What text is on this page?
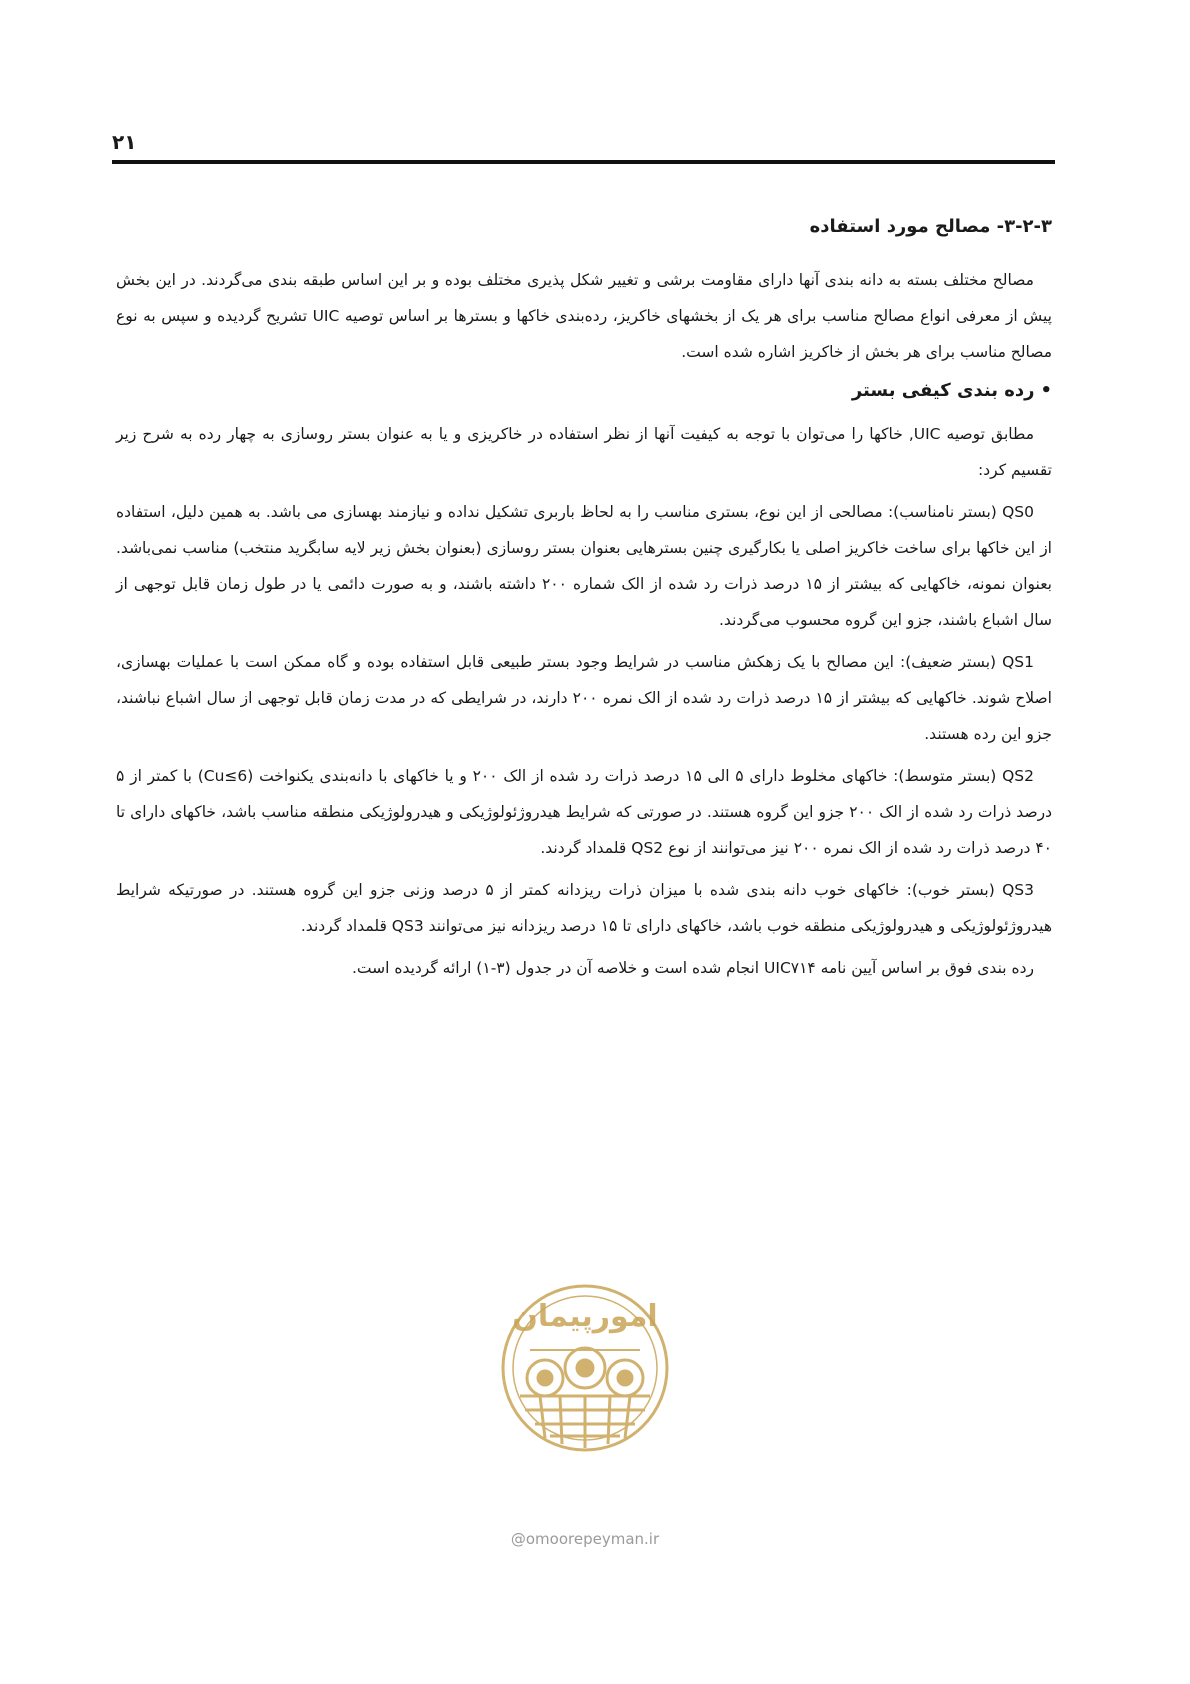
۲۱
۳-۲-۳- مصالح مورد استفاده

مصالح مختلف بسته به دانه بندی آنها دارای مقاومت برشی و تغییر شکل پذیری مختلف بوده و بر این اساس طبقه بندی می‌گردند. در این بخش پیش از معرفی انواع مصالح مناسب برای هر یک از بخشهای خاکریز، رده‌بندی خاکها و بسترها بر اساس توصیه UIC تشریح گردیده و سپس به نوع مصالح مناسب برای هر بخش از خاکریز اشاره شده است.

•رده بندی کیفی بستر

مطابق توصیه UIC, خاکها را می‌توان با توجه به کیفیت آنها از نظر استفاده در خاکریزی و یا به عنوان بستر روسازی به چهار رده به شرح زیر تقسیم کرد:

QS0 (بستر نامناسب): مصالحی از این نوع، بستری مناسب را به لحاظ باربری تشکیل نداده و نیازمند بهسازی می باشد. به همین دلیل، استفاده از این خاکها برای ساخت خاکریز اصلی یا بکارگیری چنین بسترهایی بعنوان بستر روسازی (بعنوان بخش زیر لایه سابگرید منتخب) مناسب نمی‌باشد. بعنوان نمونه، خاکهایی که بیشتر از ۱۵ درصد ذرات رد شده از الک شماره ۲۰۰ داشته باشند، و به صورت دائمی یا در طول زمان قابل توجهی از سال اشباع باشند، جزو این گروه محسوب می‌گردند.

QS1 (بستر ضعیف): این مصالح با یک زهکش مناسب در شرایط وجود بستر طبیعی قابل استفاده بوده و گاه ممکن است با عملیات بهسازی، اصلاح شوند. خاکهایی که بیشتر از ۱۵ درصد ذرات رد شده از الک نمره ۲۰۰ دارند، در شرایطی که در مدت زمان قابل توجهی از سال اشباع نباشند، جزو این رده هستند.

QS2 (بستر متوسط): خاکهای مخلوط دارای ۵ الی ۱۵ درصد ذرات رد شده از الک ۲۰۰ و یا خاکهای با دانه‌بندی یکنواخت (Cu≤6) با کمتر از ۵ درصد ذرات رد شده از الک ۲۰۰ جزو این گروه هستند. در صورتی که شرایط هیدروژئولوژیکی و هیدرولوژیکی منطقه مناسب باشد، خاکهای دارای تا ۴۰ درصد ذرات رد شده از الک نمره ۲۰۰ نیز می‌توانند از نوع QS2 قلمداد گردند.

QS3 (بستر خوب): خاکهای خوب دانه بندی شده با میزان ذرات ریزدانه کمتر از ۵ درصد وزنی جزو این گروه هستند. در صورتیکه شرایط هیدروژئولوژیکی و هیدرولوژیکی منطقه خوب باشد، خاکهای دارای تا ۱۵ درصد ریزدانه نیز می‌توانند QS3 قلمداد گردند.

رده بندی فوق بر اساس آیین نامه UIC۷۱۴ انجام شده است و خلاصه آن در جدول (۳-۱) ارائه گردیده است.

امورپیمان
@omoorepeyman.ir
